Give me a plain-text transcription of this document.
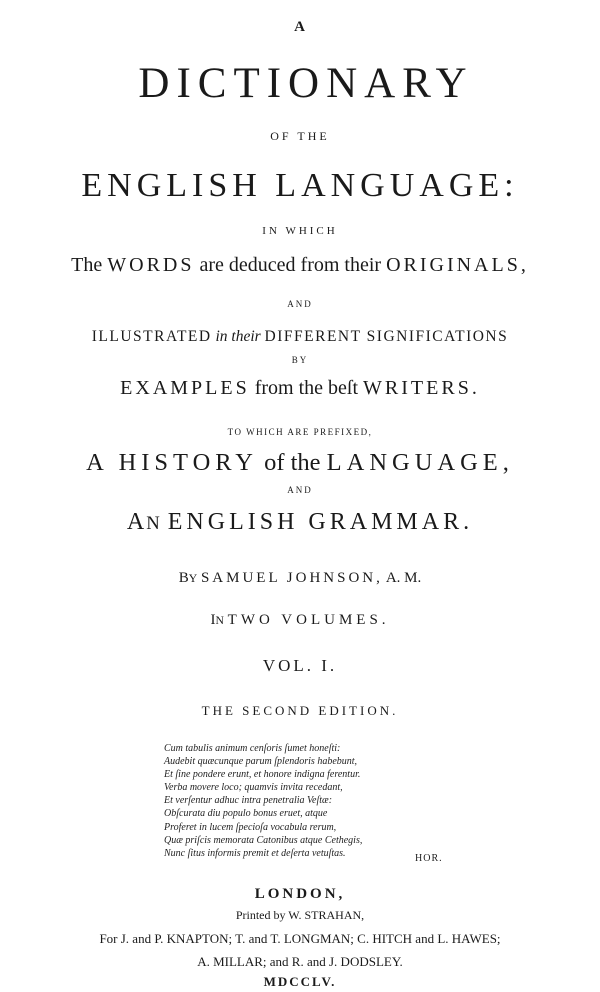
A
DICTIONARY
OF THE
ENGLISH LANGUAGE:
IN WHICH
The WORDS are deduced from their ORIGINALS,
AND
ILLUSTRATED in their DIFFERENT SIGNIFICATIONS
BY
EXAMPLES from the beſt WRITERS.
TO WHICH ARE PREFIXED,
A HISTORY of the LANGUAGE,
AND
AN ENGLISH GRAMMAR.
BY SAMUEL JOHNSON, A. M.
IN TWO VOLUMES.
VOL. I.
THE SECOND EDITION.
Cum tabulis animum cenſoris ſumet honeſti:
Audebit quæcunque parum ſplendoris habebunt,
Et ſine pondere erunt, et honore indigna ferentur.
Verba movere loco; quamvis invita recedant,
Et verſentur adhuc intra penetralia Veſtæ:
Obſcurata diu populo bonus eruet, atque
Proferet in lucem ſpecioſa vocabula rerum,
Quæ priſcis memorata Catonibus atque Cethegis,
Nunc ſitus informis premit et deſerta vetuſtas.	HOR.
LONDON,
Printed by W. STRAHAN,
For J. and P. KNAPTON; T. and T. LONGMAN; C. HITCH and L. HAWES;
A. MILLAR; and R. and J. DODSLEY.
MDCCLV.
